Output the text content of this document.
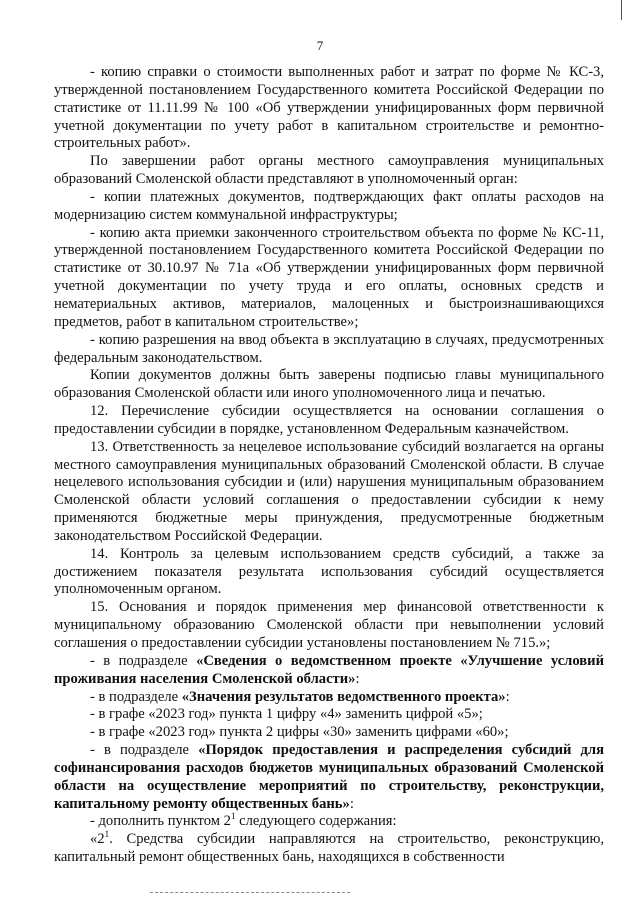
7

- копию справки о стоимости выполненных работ и затрат по форме № КС-3, утвержденной постановлением Государственного комитета Российской Федерации по статистике от 11.11.99 № 100 «Об утверждении унифицированных форм первичной учетной документации по учету работ в капитальном строительстве и ремонтно-строительных работ».

По завершении работ органы местного самоуправления муниципальных образований Смоленской области представляют в уполномоченный орган:

- копии платежных документов, подтверждающих факт оплаты расходов на модернизацию систем коммунальной инфраструктуры;

- копию акта приемки законченного строительством объекта по форме № КС-11, утвержденной постановлением Государственного комитета Российской Федерации по статистике от 30.10.97 № 71а «Об утверждении унифицированных форм первичной учетной документации по учету труда и его оплаты, основных средств и нематериальных активов, материалов, малоценных и быстроизнашивающихся предметов, работ в капитальном строительстве»;

- копию разрешения на ввод объекта в эксплуатацию в случаях, предусмотренных федеральным законодательством.

Копии документов должны быть заверены подписью главы муниципального образования Смоленской области или иного уполномоченного лица и печатью.

12. Перечисление субсидии осуществляется на основании соглашения о предоставлении субсидии в порядке, установленном Федеральным казначейством.

13. Ответственность за нецелевое использование субсидий возлагается на органы местного самоуправления муниципальных образований Смоленской области. В случае нецелевого использования субсидии и (или) нарушения муниципальным образованием Смоленской области условий соглашения о предоставлении субсидии к нему применяются бюджетные меры принуждения, предусмотренные бюджетным законодательством Российской Федерации.

14. Контроль за целевым использованием средств субсидий, а также за достижением показателя результата использования субсидий осуществляется уполномоченным органом.

15. Основания и порядок применения мер финансовой ответственности к муниципальному образованию Смоленской области при невыполнении условий соглашения о предоставлении субсидии установлены постановлением № 715.»;

- в подразделе «Сведения о ведомственном проекте «Улучшение условий проживания населения Смоленской области»:

- в подразделе «Значения результатов ведомственного проекта»:

- в графе «2023 год» пункта 1 цифру «4» заменить цифрой «5»;

- в графе «2023 год» пункта 2 цифры «30» заменить цифрами «60»;

- в подразделе «Порядок предоставления и распределения субсидий для софинансирования расходов бюджетов муниципальных образований Смоленской области на осуществление мероприятий по строительству, реконструкции, капитальному ремонту общественных бань»:

- дополнить пунктом $2^1$ следующего содержания:

«$2^1$. Средства субсидии направляются на строительство, реконструкцию, капитальный ремонт общественных бань, находящихся в собственности
